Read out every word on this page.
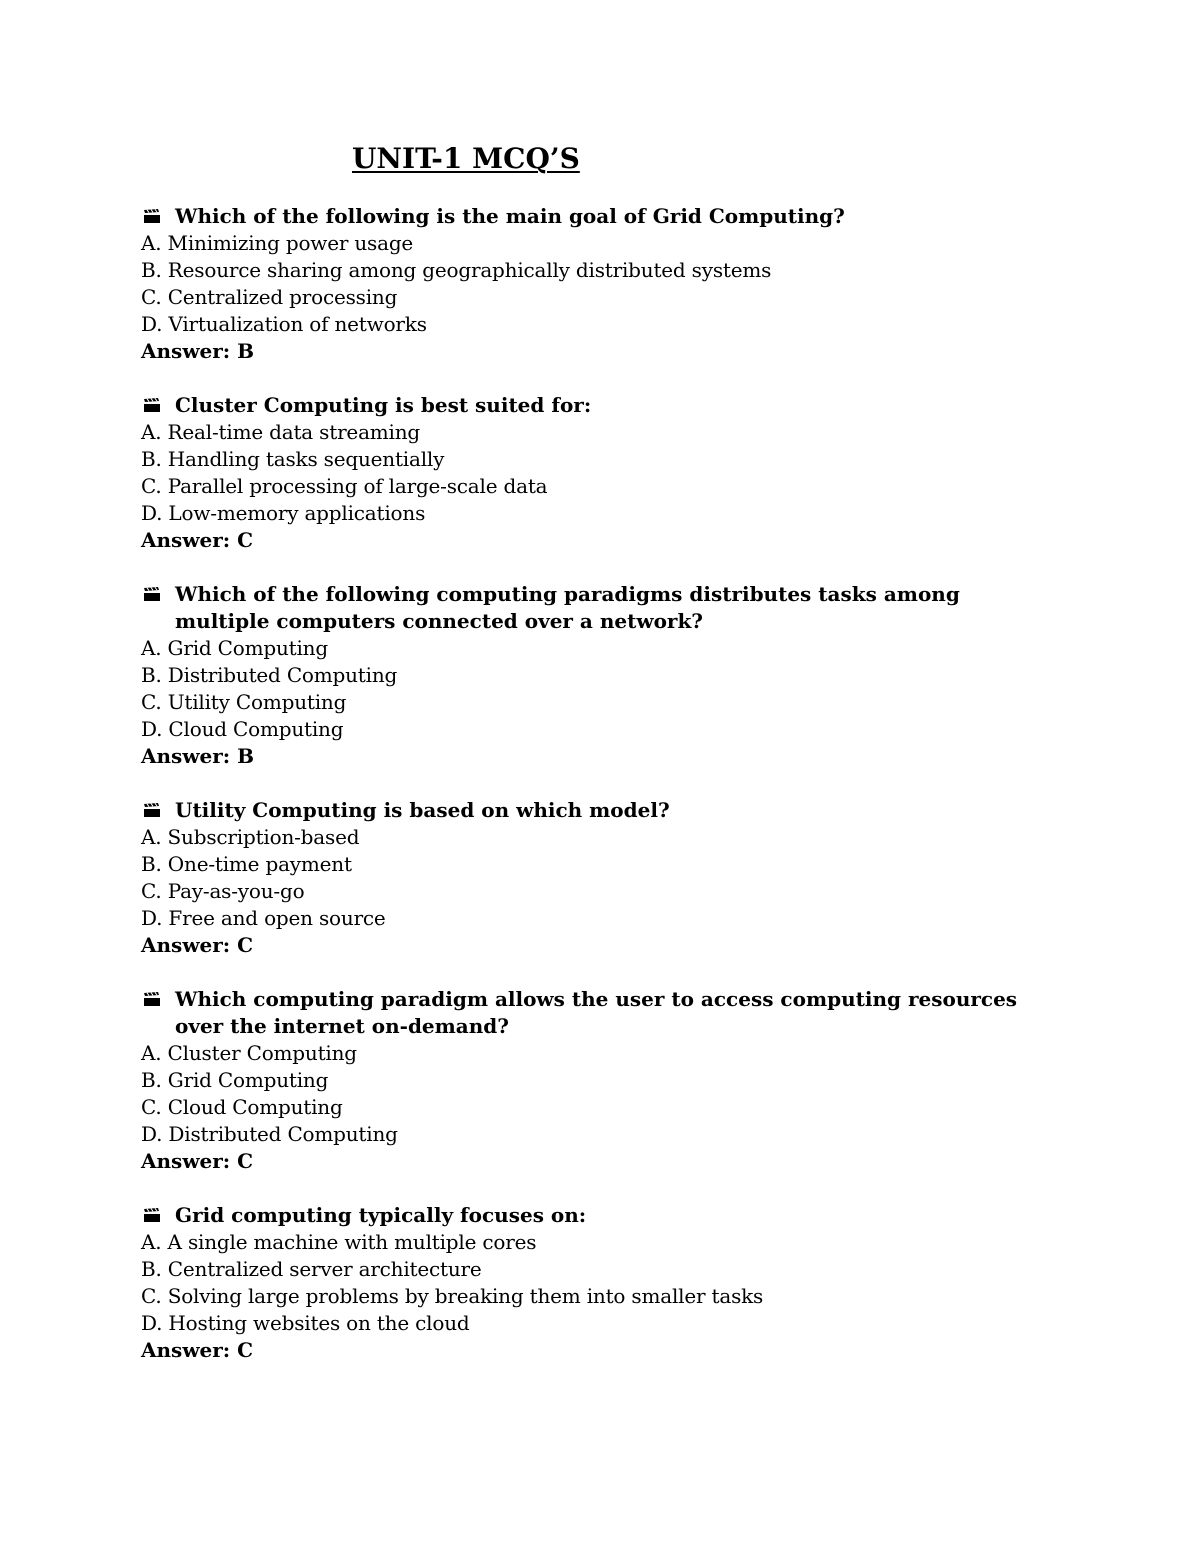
UNIT-1 MCQ’S
Which of the following is the main goal of Grid Computing?
A. Minimizing power usage
B. Resource sharing among geographically distributed systems
C. Centralized processing
D. Virtualization of networks
Answer: B
Cluster Computing is best suited for:
A. Real-time data streaming
B. Handling tasks sequentially
C. Parallel processing of large-scale data
D. Low-memory applications
Answer: C
Which of the following computing paradigms distributes tasks among multiple computers connected over a network?
A. Grid Computing
B. Distributed Computing
C. Utility Computing
D. Cloud Computing
Answer: B
Utility Computing is based on which model?
A. Subscription-based
B. One-time payment
C. Pay-as-you-go
D. Free and open source
Answer: C
Which computing paradigm allows the user to access computing resources over the internet on-demand?
A. Cluster Computing
B. Grid Computing
C. Cloud Computing
D. Distributed Computing
Answer: C
Grid computing typically focuses on:
A. A single machine with multiple cores
B. Centralized server architecture
C. Solving large problems by breaking them into smaller tasks
D. Hosting websites on the cloud
Answer: C
